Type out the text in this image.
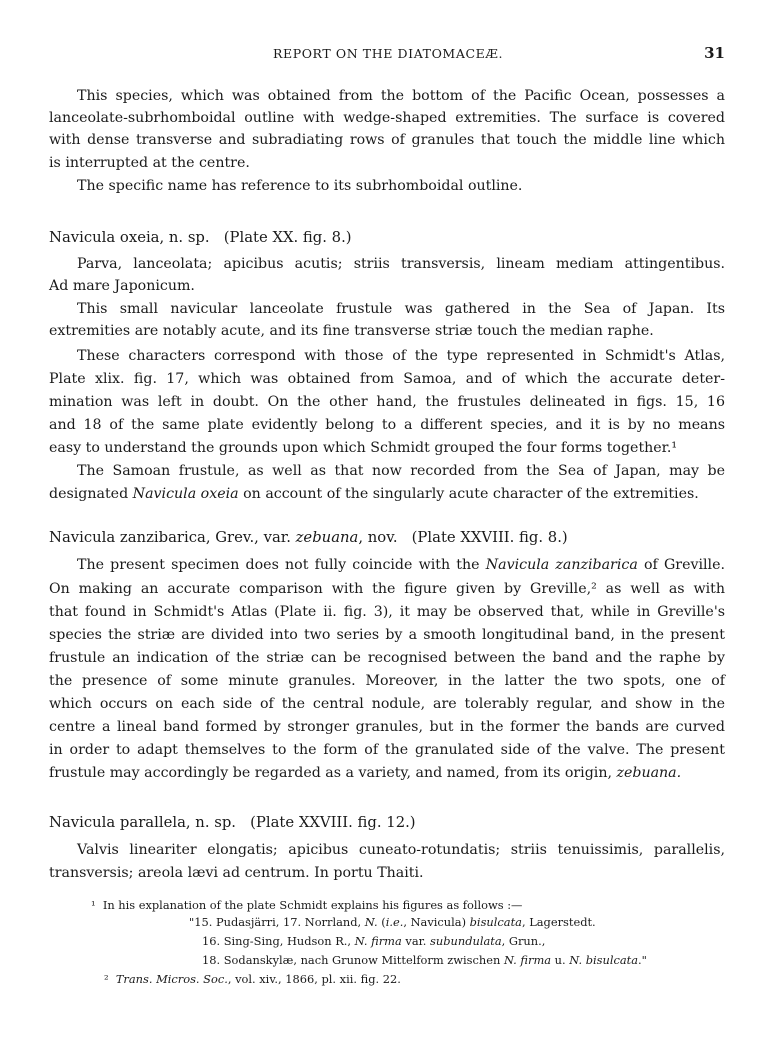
REPORT ON THE DIATOMACEÆ.	31
This species, which was obtained from the bottom of the Pacific Ocean, possesses a
lanceolate-subrhomboidal outline with wedge-shaped extremities. The surface is covered
with dense transverse and subradiating rows of granules that touch the middle line which
is interrupted at the centre.
The specific name has reference to its subrhomboidal outline.
Navicula oxeia, n. sp. (Plate XX. fig. 8.)
Parva, lanceolata; apicibus acutis; striis transversis, lineam mediam attingentibus.
Ad mare Japonicum.
This small navicular lanceolate frustule was gathered in the Sea of Japan. Its
extremities are notably acute, and its fine transverse striæ touch the median raphe.
These characters correspond with those of the type represented in Schmidt's Atlas,
Plate xlix. fig. 17, which was obtained from Samoa, and of which the accurate deter-
mination was left in doubt. On the other hand, the frustules delineated in figs. 15, 16
and 18 of the same plate evidently belong to a different species, and it is by no means
easy to understand the grounds upon which Schmidt grouped the four forms together.¹
The Samoan frustule, as well as that now recorded from the Sea of Japan, may be
designated Navicula oxeia on account of the singularly acute character of the extremities.
Navicula zanzibarica, Grev., var. zebuana, nov. (Plate XXVIII. fig. 8.)
The present specimen does not fully coincide with the Navicula zanzibarica of Greville.
On making an accurate comparison with the figure given by Greville,² as well as with
that found in Schmidt's Atlas (Plate ii. fig. 3), it may be observed that, while in Greville's
species the striæ are divided into two series by a smooth longitudinal band, in the present
frustule an indication of the striæ can be recognised between the band and the raphe by
the presence of some minute granules. Moreover, in the latter the two spots, one of
which occurs on each side of the central nodule, are tolerably regular, and show in the
centre a lineal band formed by stronger granules, but in the former the bands are curved
in order to adapt themselves to the form of the granulated side of the valve. The present
frustule may accordingly be regarded as a variety, and named, from its origin, zebuana.
Navicula parallela, n. sp. (Plate XXVIII. fig. 12.)
Valvis lineariter elongatis; apicibus cuneato-rotundatis; striis tenuissimis, parallelis,
transversis; areola lævi ad centrum. In portu Thaiti.
¹ In his explanation of the plate Schmidt explains his figures as follows :—
"15. Pudasjärri, 17. Norrland, N. (i.e., Navicula) bisulcata, Lagerstedt.
16. Sing-Sing, Hudson R., N. firma var. subundulata, Grun.,
18. Sodanskylæ, nach Grunow Mittelform zwischen N. firma u. N. bisulcata."
² Trans. Micros. Soc., vol. xiv., 1866, pl. xii. fig. 22.
